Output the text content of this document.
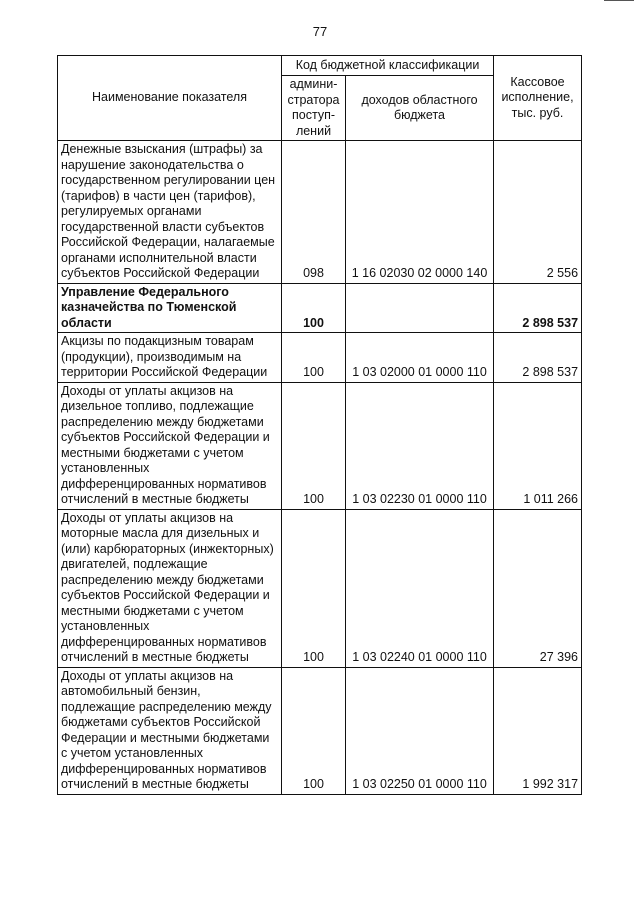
77
Наименование показателя	Код бюджетной классификации		Кассовое исполнение, тыс. руб.
	админи-стратора поступ-лений	доходов областного бюджета	
Денежные взыскания (штрафы) за нарушение законодательства о государственном регулировании цен (тарифов) в части цен (тарифов), регулируемых органами государственной власти субъектов Российской Федерации, налагаемые органами исполнительной власти субъектов Российской Федерации	098	1 16 02030 02 0000 140	2 556
Управление Федерального казначейства по Тюменской области	100		2 898 537
Акцизы по подакцизным товарам (продукции), производимым на территории Российской Федерации	100	1 03 02000 01 0000 110	2 898 537
Доходы от уплаты акцизов на дизельное топливо, подлежащие распределению между бюджетами субъектов Российской Федерации и местными бюджетами с учетом установленных дифференцированных нормативов отчислений в местные бюджеты	100	1 03 02230 01 0000 110	1 011 266
Доходы от уплаты акцизов на моторные масла для дизельных и (или) карбюраторных (инжекторных) двигателей, подлежащие распределению между бюджетами субъектов Российской Федерации и местными бюджетами с учетом установленных дифференцированных нормативов отчислений в местные бюджеты	100	1 03 02240 01 0000 110	27 396
Доходы от уплаты акцизов на автомобильный бензин, подлежащие распределению между бюджетами субъектов Российской Федерации и местными бюджетами с учетом установленных дифференцированных нормативов отчислений в местные бюджеты	100	1 03 02250 01 0000 110	1 992 317
